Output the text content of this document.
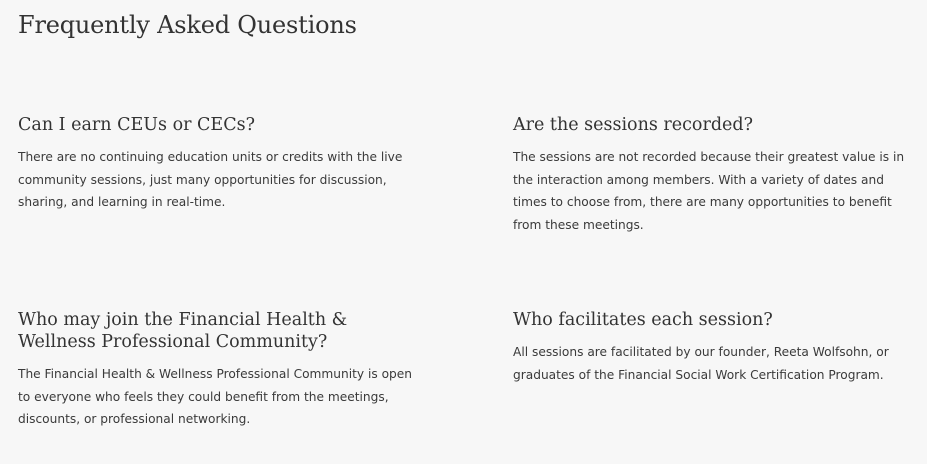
Frequently Asked Questions
Can I earn CEUs or CECs?

There are no continuing education units or credits with the live community sessions, just many opportunities for discussion, sharing, and learning in real-time.

Are the sessions recorded?

The sessions are not recorded because their greatest value is in the interaction among members. With a variety of dates and times to choose from, there are many opportunities to benefit from these meetings.

Who may join the Financial Health & Wellness Professional Community?

The Financial Health & Wellness Professional Community is open to everyone who feels they could benefit from the meetings, discounts, or professional networking.

Who facilitates each session?

All sessions are facilitated by our founder, Reeta Wolfsohn, or graduates of the Financial Social Work Certification Program.
